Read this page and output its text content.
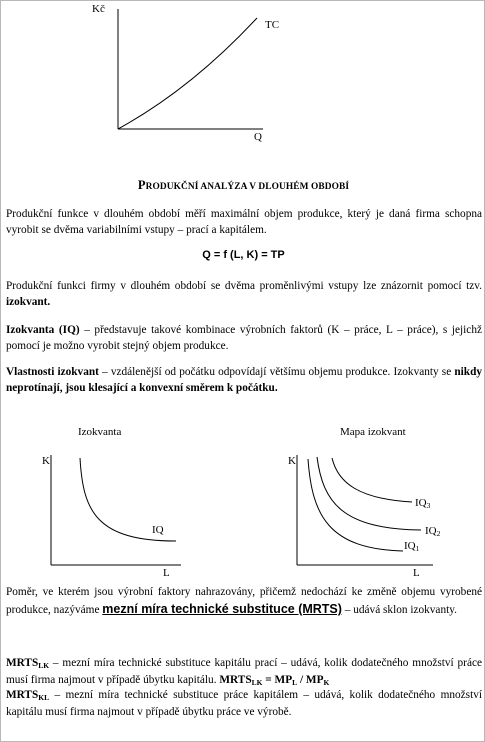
Kč
TC
Q
PRODUKČNÍ ANALÝZA V DLOUHÉM OBDOBÍ
Produkční funkce v dlouhém období měří maximální objem produkce, který je daná firma schopna vyrobit se dvěma variabilními vstupy – prací a kapitálem.
Q = f (L, K) = TP
Produkční funkci firmy v dlouhém období se dvěma proměnlivými vstupy lze znázornit pomocí tzv. izokvant.
Izokvanta (IQ) – představuje takové kombinace výrobních faktorů (K – práce, L – práce), s jejichž pomocí je možno vyrobit stejný objem produkce.
Vlastnosti izokvant – vzdálenější od počátku odpovídají většímu objemu produkce. Izokvanty se nikdy neprotínají, jsou klesající a konvexní směrem k počátku.
Izokvanta
K
IQ
L
Mapa izokvant
K
L
$IQ_3$
$IQ_2$
$IQ_1$
Poměr, ve kterém jsou výrobní faktory nahrazovány, přičemž nedochází ke změně objemu vyrobené produkce, nazýváme mezní míra technické substituce (MRTS) – udává sklon izokvanty.
$MRTS_{LK}$ – mezní míra technické substituce kapitálu prací – udává, kolik dodatečného množství práce musí firma najmout v případě úbytku kapitálu. $MRTS_{LK} = MP_L / MP_K$
$MRTS_{KL}$ – mezní míra technické substituce práce kapitálem – udává, kolik dodatečného množství kapitálu musí firma najmout v případě úbytku práce ve výrobě.
